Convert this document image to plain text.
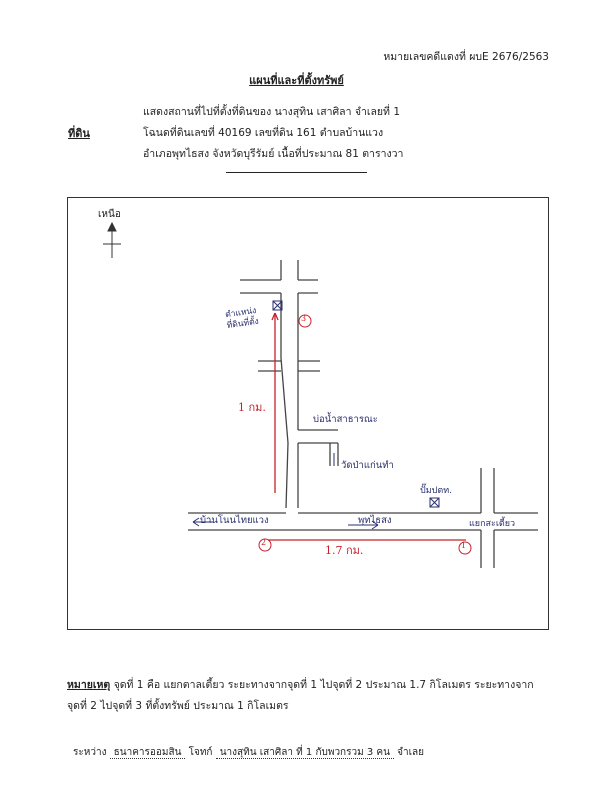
หมายเลขคดีแดงที่ ผบE 2676/2563
แผนที่และที่ตั้งทรัพย์
ที่ดิน
แสดงสถานที่ไปที่ตั้งที่ดินของ นางสุทิน เสาศิลา จำเลยที่ 1
โฉนดที่ดินเลขที่ 40169 เลขที่ดิน 161 ตำบลบ้านแวง
อำเภอพุทไธสง จังหวัดบุรีรัมย์ เนื้อที่ประมาณ 81 ตารางวา
เหนือ
ตำแหน่ง
ที่ดินที่ตั้ง	3
1 กม.
บ่อน้ำสาธารณะ
วัดป่าแก่นทำ
ปั๊มปตท.
บ้านโนนไทยแวง	พุทไธสง	แยกสะเตี้ยว
2
1.7 กม.	1
หมายเหตุ จุดที่ 1 คือ แยกตาลเตี้ยว ระยะทางจากจุดที่ 1 ไปจุดที่ 2 ประมาณ 1.7 กิโลเมตร ระยะทางจาก
จุดที่ 2 ไปจุดที่ 3 ที่ตั้งทรัพย์ ประมาณ 1 กิโลเมตร
ระหว่าง ธนาคารออมสิน โจทก์ นางสุทิน เสาศิลา ที่ 1 กับพวกรวม 3 คน จำเลย
